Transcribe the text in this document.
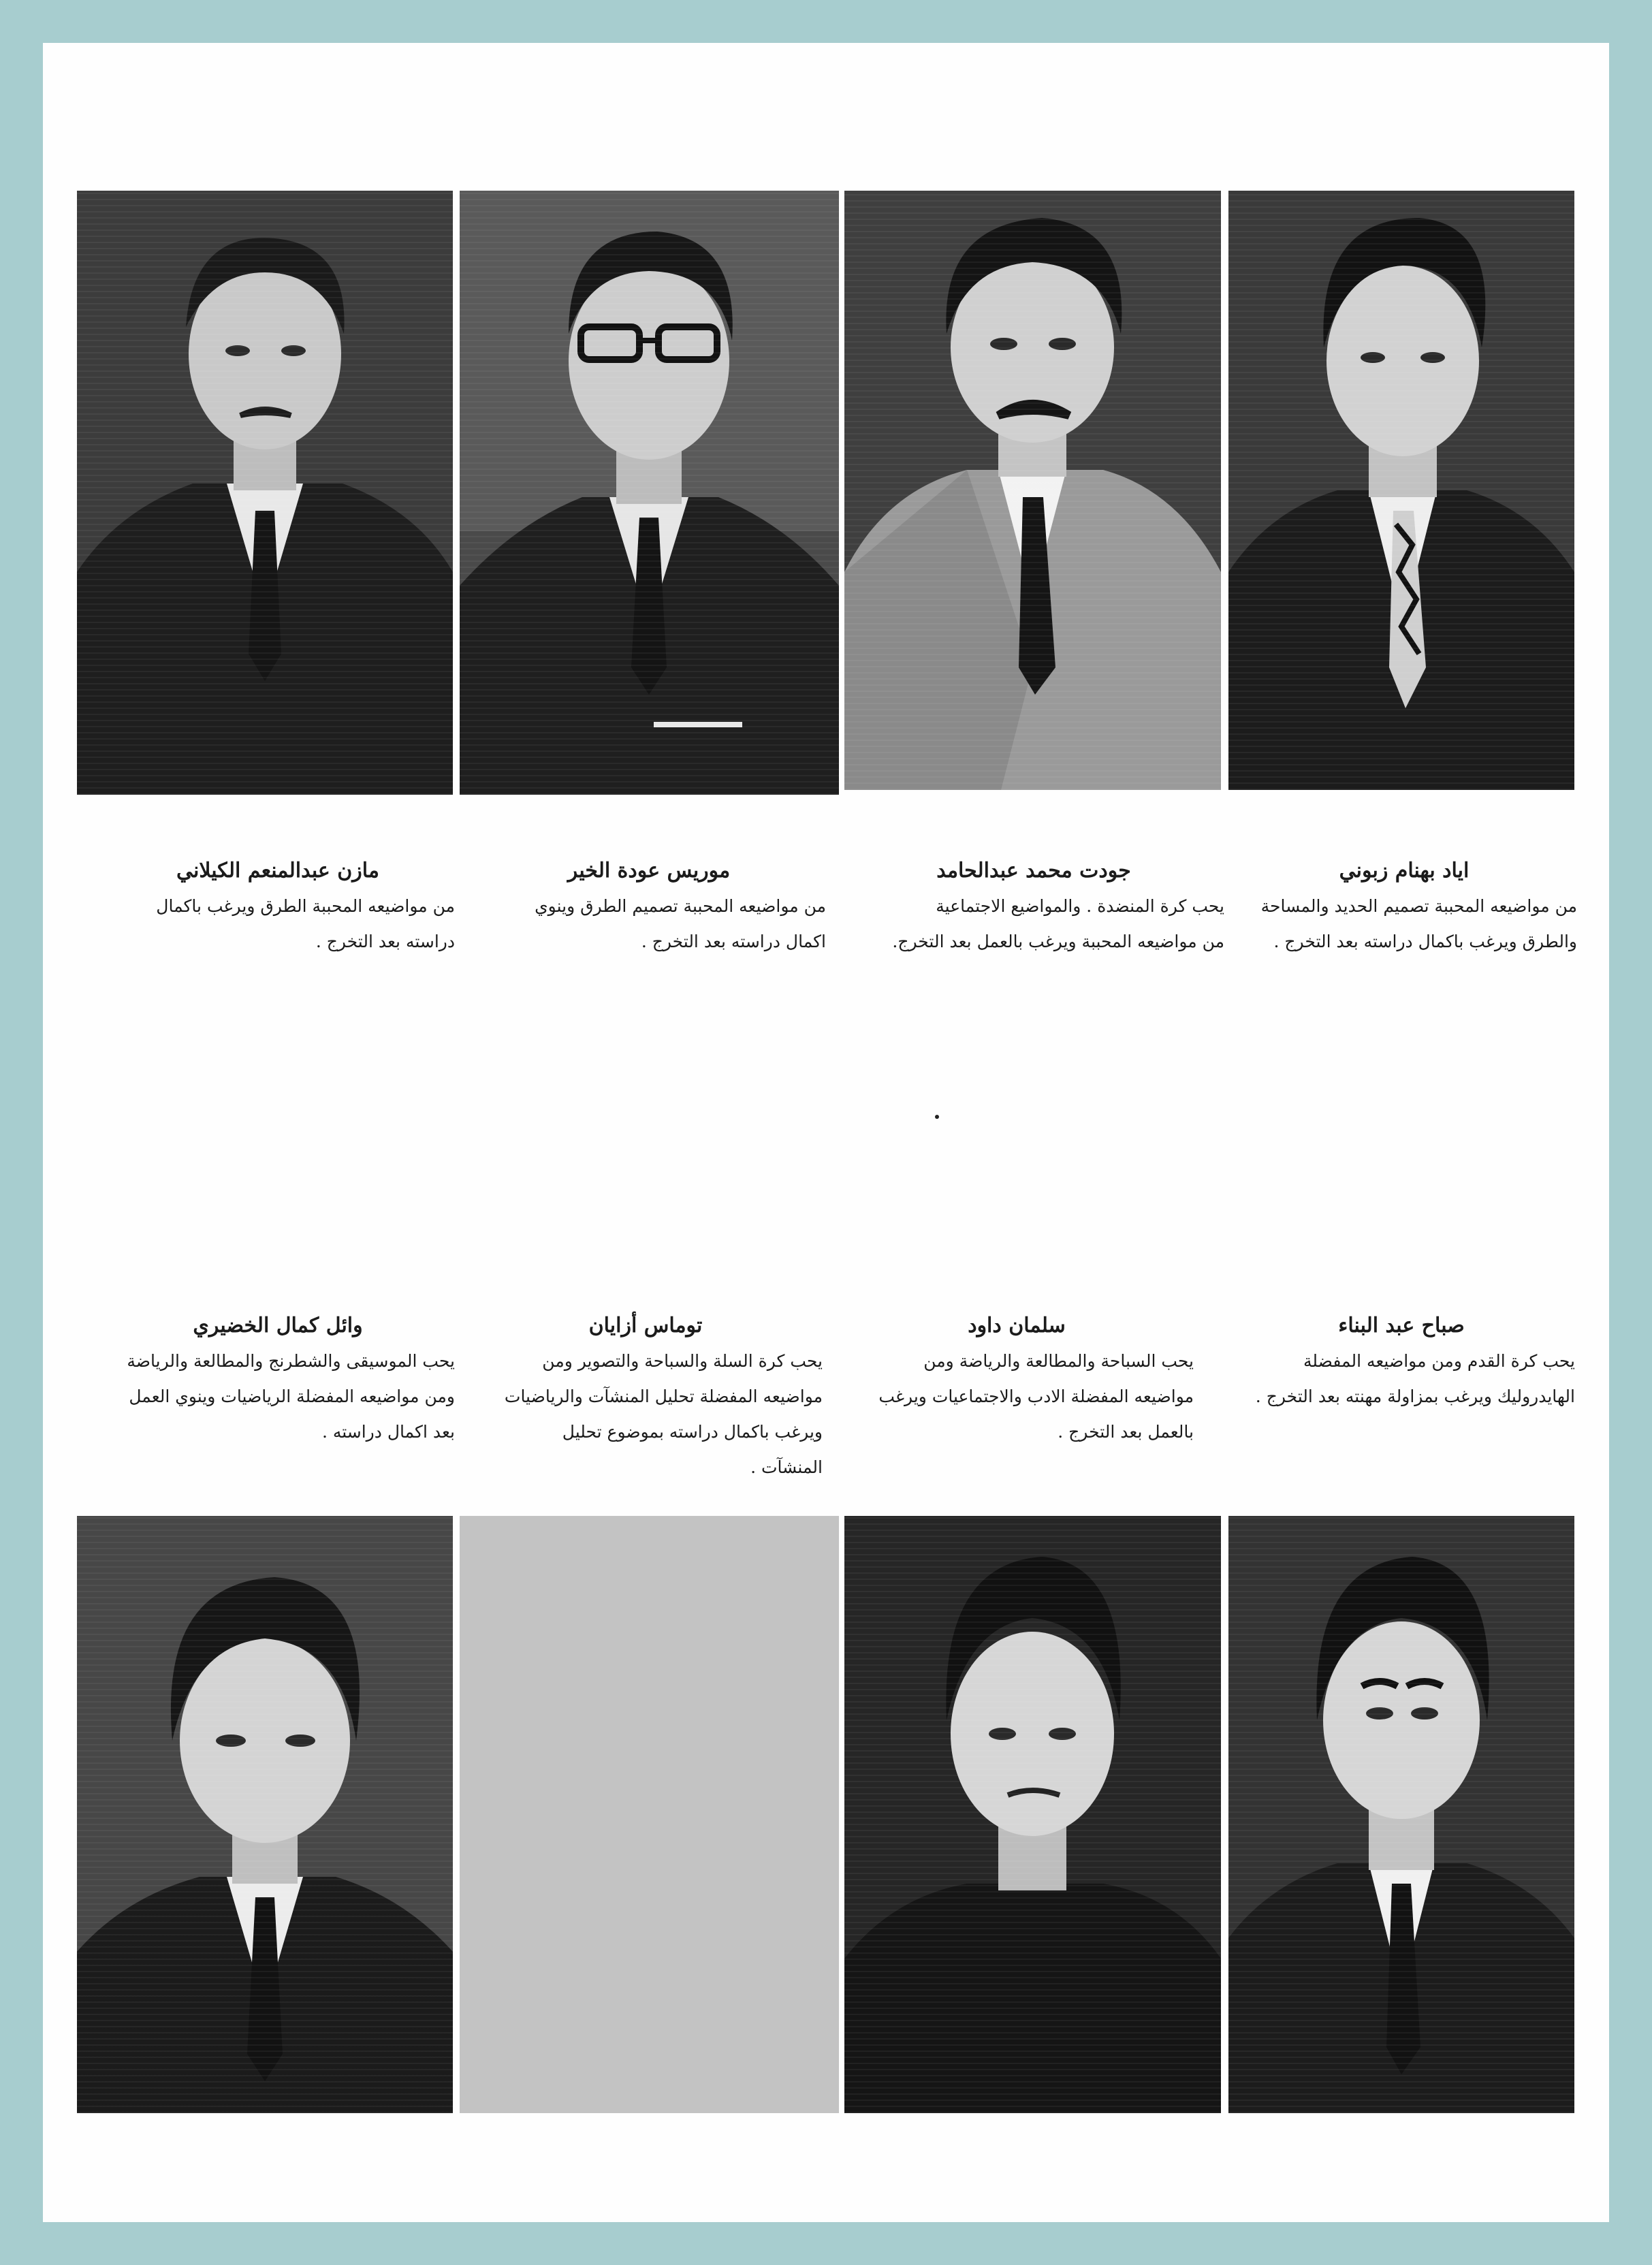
مازن عبدالمنعم الكيلاني
من مواضيعه المحببة الطرق ويرغب باكمال
دراسته بعد التخرج .
موريس عودة الخير
من مواضيعه المحببة تصميم الطرق وينوي
اكمال دراسته بعد التخرج .
جودت محمد عبدالحامد
يحب كرة المنضدة . والمواضيع الاجتماعية
من مواضيعه المحببة ويرغب بالعمل بعد التخرج.
اياد بهنام زبوني
من مواضيعه المحببة تصميم الحديد والمساحة
والطرق ويرغب باكمال دراسته بعد التخرج .
وائل كمال الخضيري
يحب الموسيقى والشطرنج والمطالعة والرياضة
ومن مواضيعه المفضلة الرياضيات وينوي العمل
بعد اكمال دراسته .
توماس أزايان
يحب كرة السلة والسباحة والتصوير ومن
مواضيعه المفضلة تحليل المنشآت والرياضيات
ويرغب باكمال دراسته بموضوع تحليل
المنشآت .
سلمان داود
يحب السباحة والمطالعة والرياضة ومن
مواضيعه المفضلة الادب والاجتماعيات ويرغب
بالعمل بعد التخرج .
صباح عبد البناء
يحب كرة القدم ومن مواضيعه المفضلة
الهايدروليك ويرغب بمزاولة مهنته بعد التخرج .
